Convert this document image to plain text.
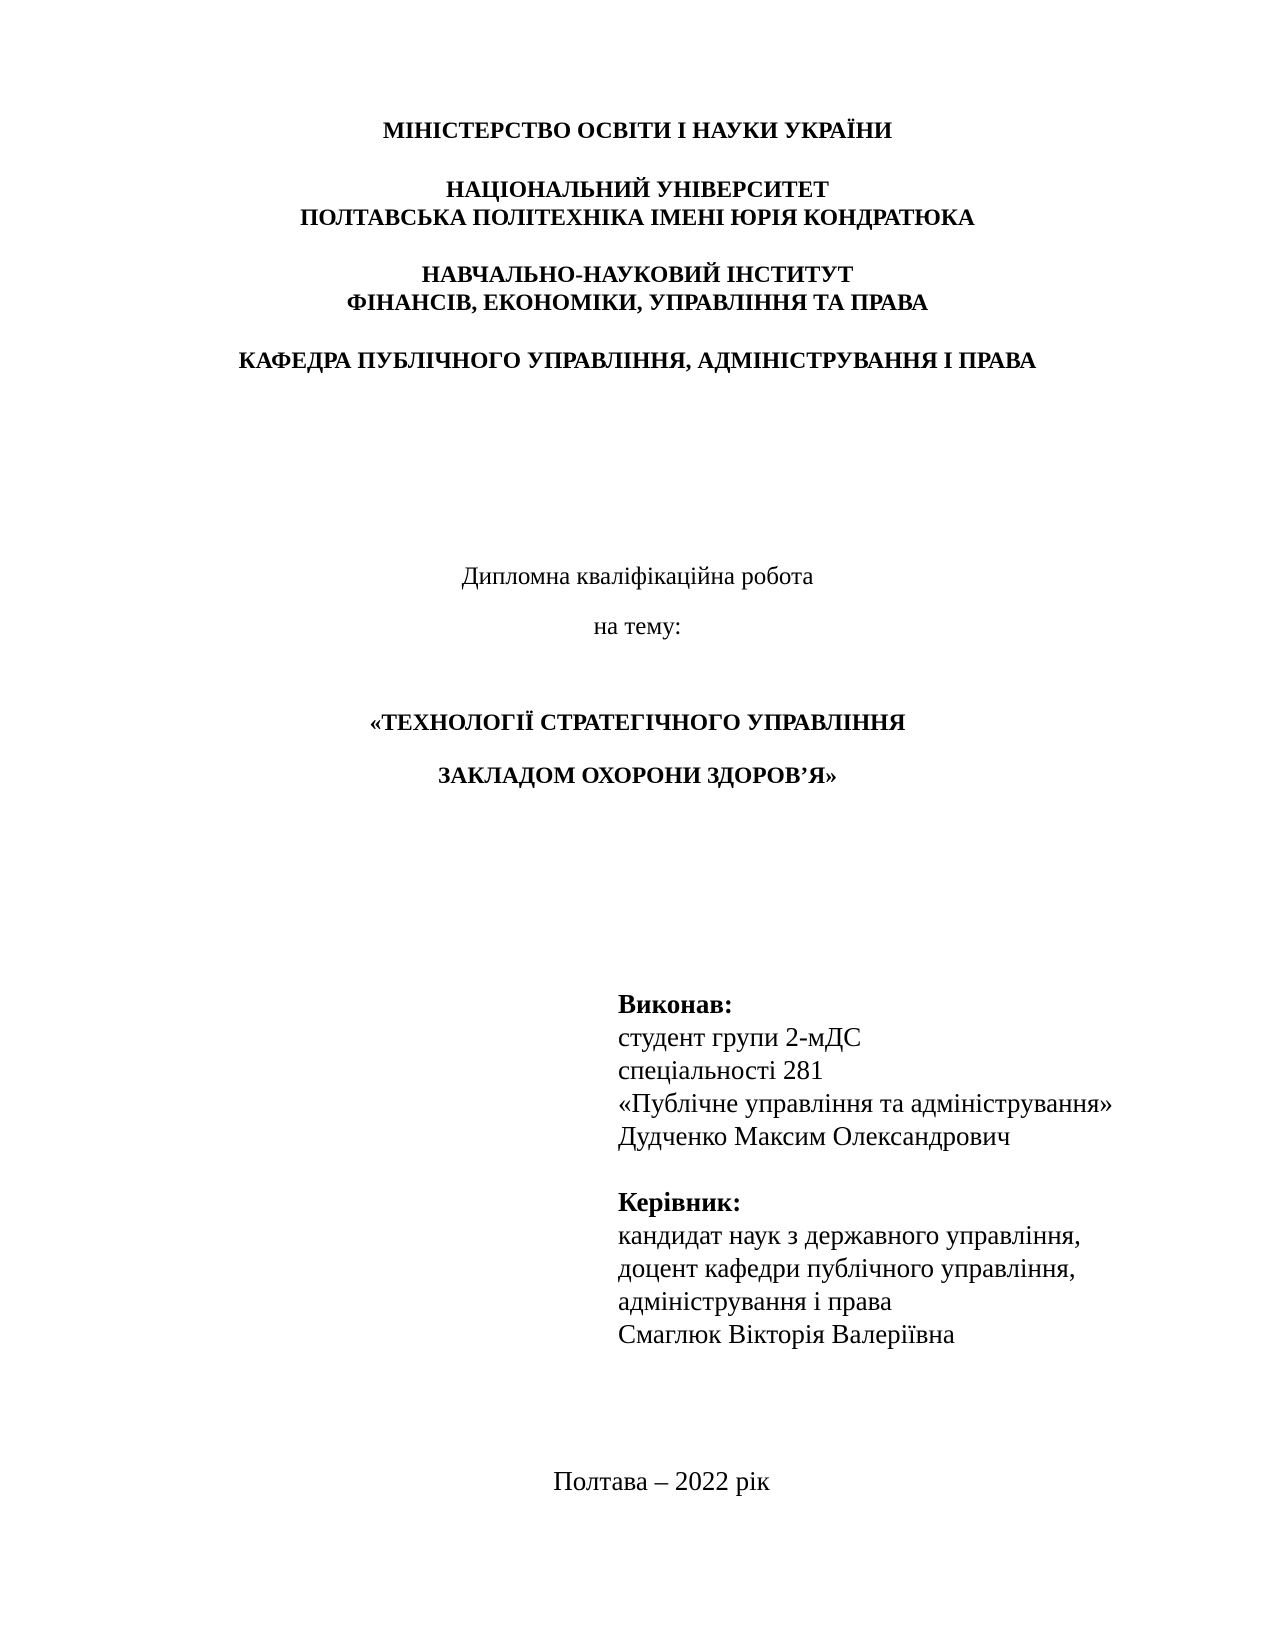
МІНІСТЕРСТВО ОСВІТИ І НАУКИ УКРАЇНИ
НАЦІОНАЛЬНИЙ УНІВЕРСИТЕТ
ПОЛТАВСЬКА ПОЛІТЕХНІКА ІМЕНІ ЮРІЯ КОНДРАТЮКА
НАВЧАЛЬНО-НАУКОВИЙ ІНСТИТУТ
ФІНАНСІВ, ЕКОНОМІКИ, УПРАВЛІННЯ ТА ПРАВА
КАФЕДРА ПУБЛІЧНОГО УПРАВЛІННЯ, АДМІНІСТРУВАННЯ І ПРАВА
Дипломна кваліфікаційна робота
на тему:
«ТЕХНОЛОГІЇ СТРАТЕГІЧНОГО УПРАВЛІННЯ
ЗАКЛАДОМ ОХОРОНИ ЗДОРОВ’Я»
Виконав:
студент групи 2-мДС
спеціальності 281
«Публічне управління та адміністрування»
Дудченко Максим Олександрович
Керівник:
кандидат наук з державного управління,
доцент кафедри публічного управління,
адміністрування і права
Смаглюк Вікторія Валеріївна
Полтава – 2022 рік
